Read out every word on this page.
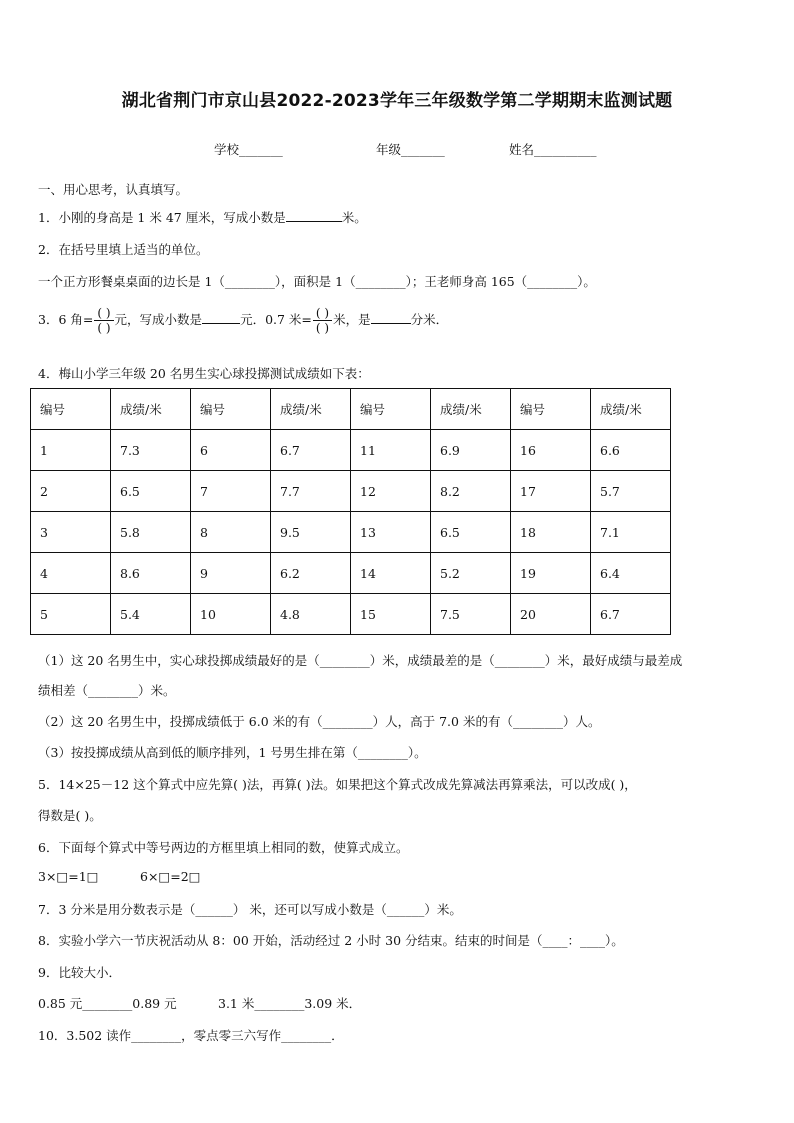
湖北省荆门市京山县2022-2023学年三年级数学第二学期期末监测试题
学校_______	年级_______	姓名__________
一、用心思考，认真填写。
1．小刚的身高是 1 米 47 厘米，写成小数是	米。
2．在括号里填上适当的单位。
一个正方形餐桌桌面的边长是 1（________），面积是 1（________）；王老师身高 165（________）。
3．6 角= $\frac{( )}{( )}$ 元，写成小数是	元．0.7 米= $\frac{( )}{( )}$ 米，是	分米．
4．梅山小学三年级 20 名男生实心球投掷测试成绩如下表：
编号	成绩/米	编号	成绩/米	编号	成绩/米	编号	成绩/米
1	7.3	6	6.7	11	6.9	16	6.6
2	6.5	7	7.7	12	8.2	17	5.7
3	5.8	8	9.5	13	6.5	18	7.1
4	8.6	9	6.2	14	5.2	19	6.4
5	5.4	10	4.8	15	7.5	20	6.7
（1）这 20 名男生中，实心球投掷成绩最好的是（________）米，成绩最差的是（________）米，最好成绩与最差成
绩相差（________）米。
（2）这 20 名男生中，投掷成绩低于 6.0 米的有（________）人，高于 7.0 米的有（________）人。
（3）按投掷成绩从高到低的顺序排列，1 号男生排在第（________）。
5．14×25－12 这个算式中应先算( )法，再算( )法。如果把这个算式改成先算减法再算乘法，可以改成( )，
得数是( )。
6．下面每个算式中等号两边的方框里填上相同的数，使算式成立。
3×□=1□	6×□=2□
7．3 分米是用分数表示是（______） 米，还可以写成小数是（______）米。
8．实验小学六一节庆祝活动从 8：00 开始，活动经过 2 小时 30 分结束。结束的时间是（____：____）。
9．比较大小．
0.85 元________0.89 元	3.1 米________3.09 米．
10．3.502 读作________，零点零三六写作________．
